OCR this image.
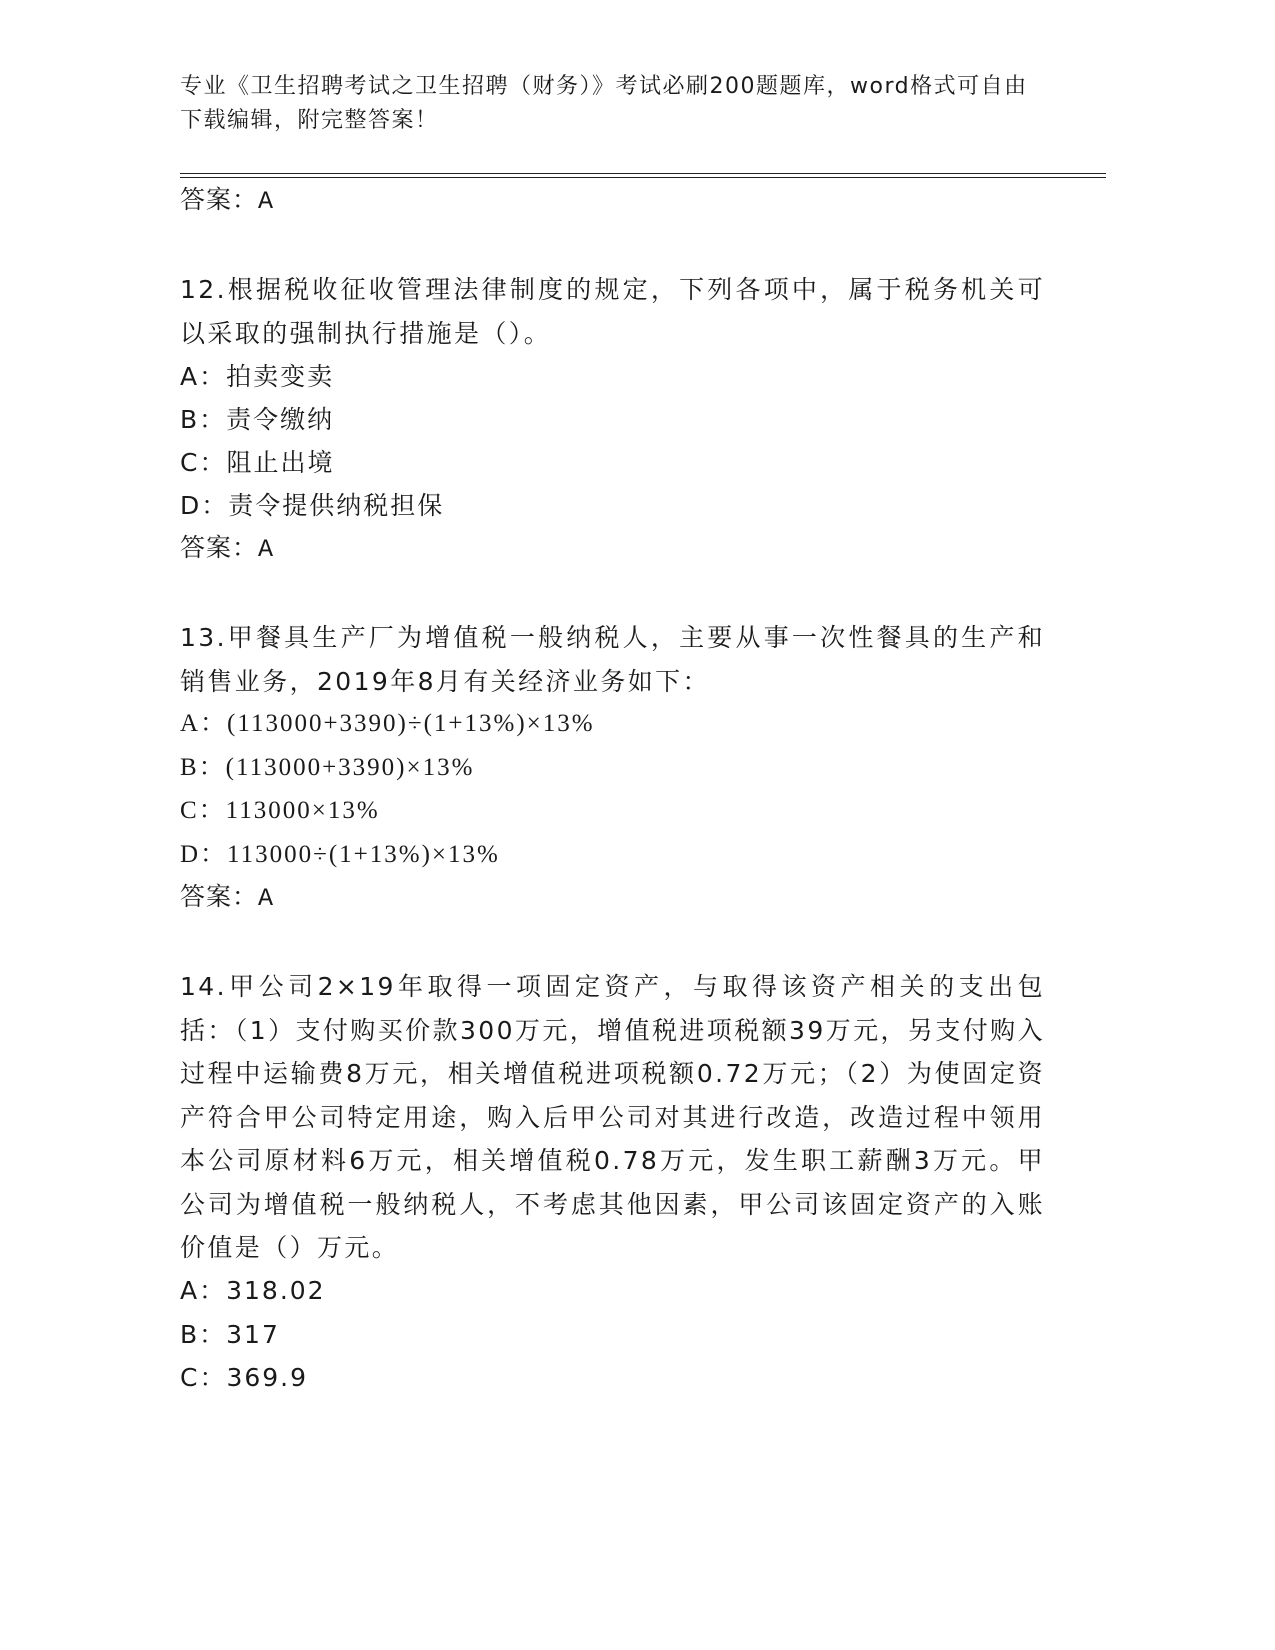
专业《卫生招聘考试之卫生招聘（财务）》考试必刷200题题库，word格式可自由下载编辑，附完整答案！
答案：A
12.根据税收征收管理法律制度的规定，下列各项中，属于税务机关可以采取的强制执行措施是（）。
A：拍卖变卖
B：责令缴纳
C：阻止出境
D：责令提供纳税担保
答案：A
13.甲餐具生产厂为增值税一般纳税人，主要从事一次性餐具的生产和销售业务，2019年8月有关经济业务如下：
A：(113000+3390)÷(1+13%)×13%
B：(113000+3390)×13%
C：113000×13%
D：113000÷(1+13%)×13%
答案：A
14.甲公司2×19年取得一项固定资产，与取得该资产相关的支出包括：（1）支付购买价款300万元，增值税进项税额39万元，另支付购入过程中运输费8万元，相关增值税进项税额0.72万元；（2）为使固定资产符合甲公司特定用途，购入后甲公司对其进行改造，改造过程中领用本公司原材料6万元，相关增值税0.78万元，发生职工薪酬3万元。甲公司为增值税一般纳税人，不考虑其他因素，甲公司该固定资产的入账价值是（）万元。
A：318.02
B：317
C：369.9
